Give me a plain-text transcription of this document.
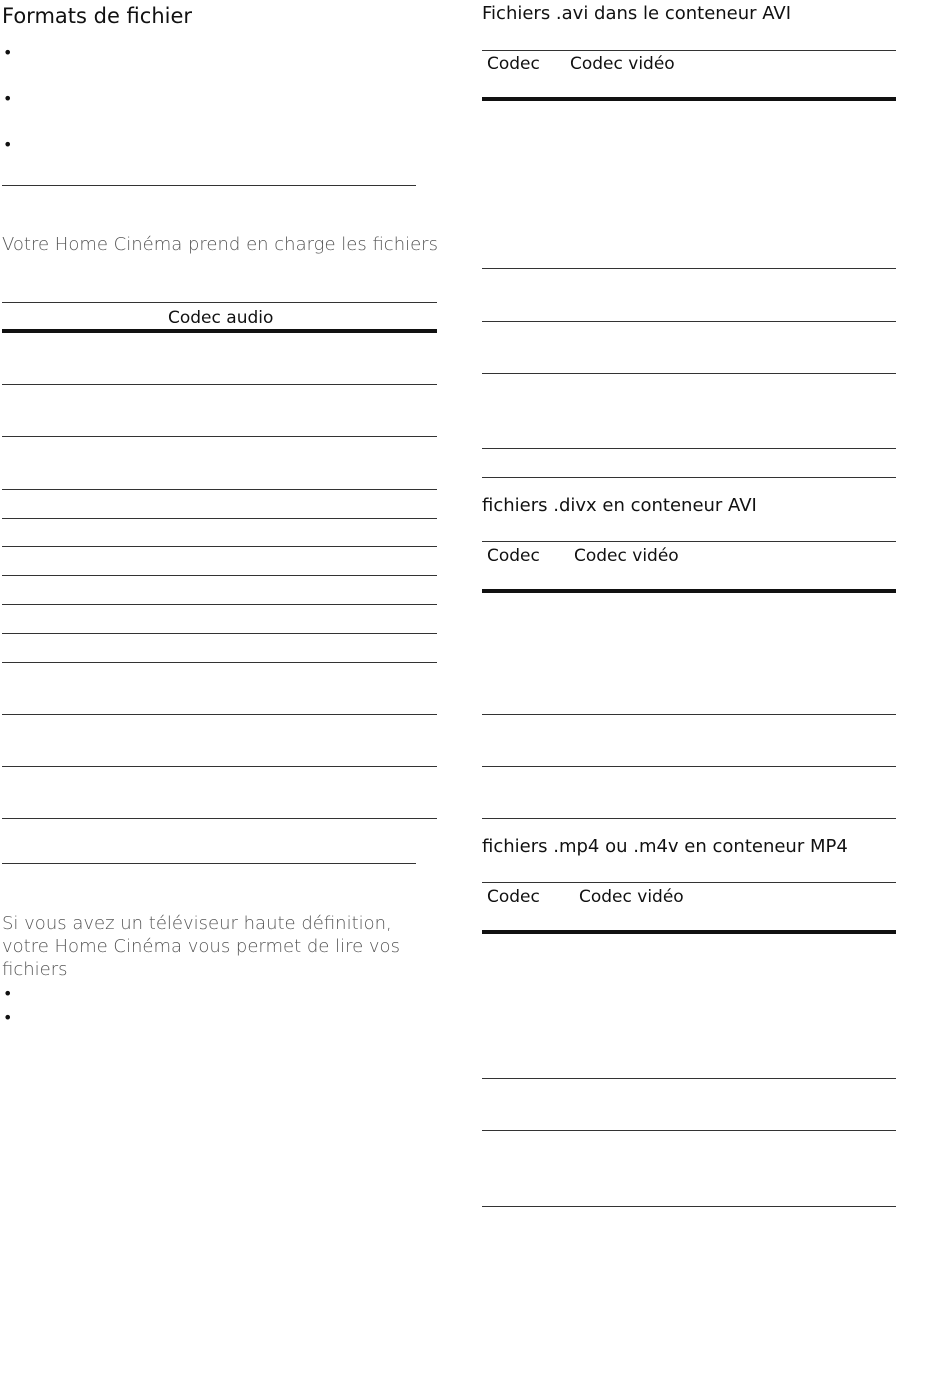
Formats de fichier
•
•
•
Votre Home Cinéma prend en charge les fichiers
Codec audio
Si vous avez un téléviseur haute définition, votre Home Cinéma vous permet de lire vos fichiers
•
•
Fichiers .avi dans le conteneur AVI
Codec Codec vidéo
fichiers .divx en conteneur AVI
Codec Codec vidéo
fichiers .mp4 ou .m4v en conteneur MP4
Codec Codec vidéo
